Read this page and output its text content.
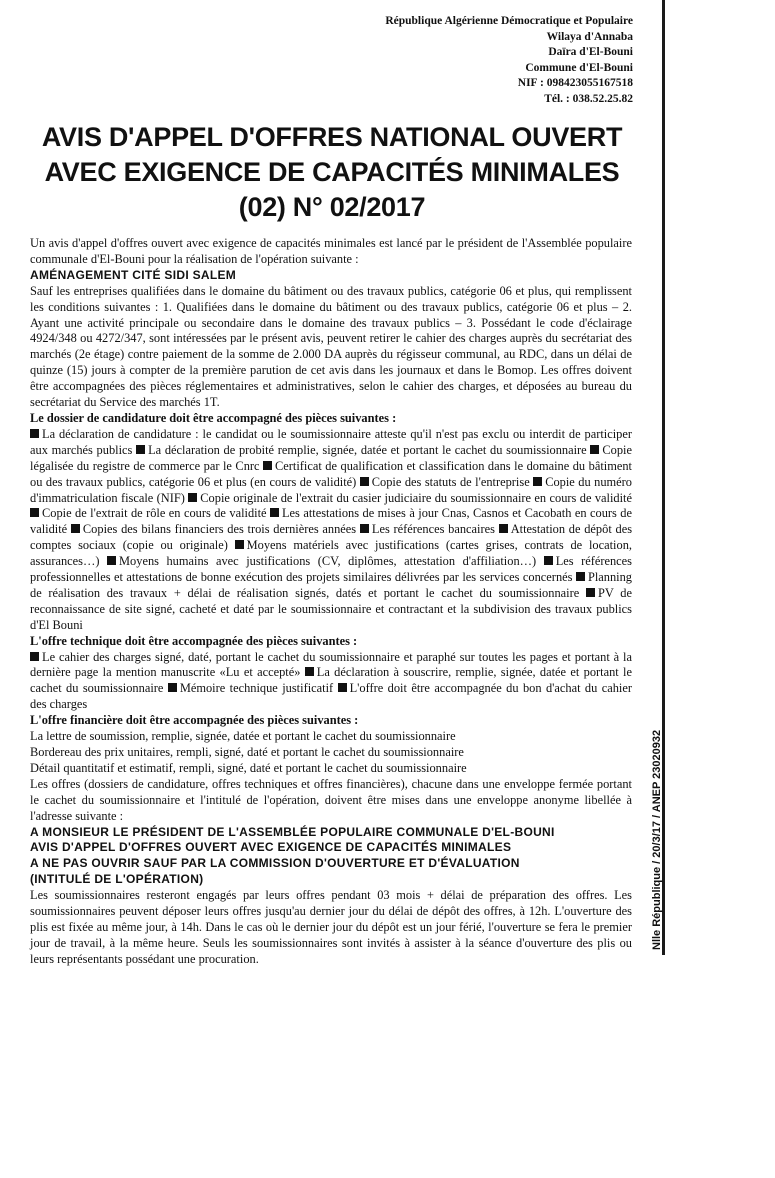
République Algérienne Démocratique et Populaire
Wilaya d'Annaba
Daïra d'El-Bouni
Commune d'El-Bouni
NIF : 098423055167518
Tél. : 038.52.25.82
AVIS D'APPEL D'OFFRES NATIONAL OUVERT
AVEC EXIGENCE DE CAPACITÉS MINIMALES
(02) N° 02/2017

Un avis d'appel d'offres ouvert avec exigence de capacités minimales est lancé par le président de l'Assemblée populaire communale d'El-Bouni pour la réalisation de l'opération suivante :

AMÉNAGEMENT CITÉ SIDI SALEM

Sauf les entreprises qualifiées dans le domaine du bâtiment ou des travaux publics, catégorie 06 et plus, qui remplissent les conditions suivantes : 1. Qualifiées dans le domaine du bâtiment ou des travaux publics, catégorie 06 et plus – 2. Ayant une activité principale ou secondaire dans le domaine des travaux publics – 3. Possédant le code d'éclairage 4924/348 ou 4272/347, sont intéressées par le présent avis, peuvent retirer le cahier des charges auprès du secrétariat des marchés (2e étage) contre paiement de la somme de 2.000 DA auprès du régisseur communal, au RDC, dans un délai de quinze (15) jours à compter de la première parution de cet avis dans les journaux et dans le Bomop. Les offres doivent être accompagnées des pièces réglementaires et administratives, selon le cahier des charges, et déposées au bureau du secrétariat du Service des marchés 1T.

Le dossier de candidature doit être accompagné des pièces suivantes :

La déclaration de candidature : le candidat ou le soumissionnaire atteste qu'il n'est pas exclu ou interdit de participer aux marchés publics La déclaration de probité remplie, signée, datée et portant le cachet du soumissionnaire Copie légalisée du registre de commerce par le Cnrc Certificat de qualification et classification dans le domaine du bâtiment ou des travaux publics, catégorie 06 et plus (en cours de validité) Copie des statuts de l'entreprise Copie du numéro d'immatriculation fiscale (NIF) Copie originale de l'extrait du casier judiciaire du soumissionnaire en cours de validité Copie de l'extrait de rôle en cours de validité Les attestations de mises à jour Cnas, Casnos et Cacobath en cours de validité Copies des bilans financiers des trois dernières années Les références bancaires Attestation de dépôt des comptes sociaux (copie ou originale) Moyens matériels avec justifications (cartes grises, contrats de location, assurances…) Moyens humains avec justifications (CV, diplômes, attestation d'affiliation…) Les références professionnelles et attestations de bonne exécution des projets similaires délivrées par les services concernés Planning de réalisation des travaux + délai de réalisation signés, datés et portant le cachet du soumissionnaire PV de reconnaissance de site signé, cacheté et daté par le soumissionnaire et contractant et la subdivision des travaux publics d'El Bouni

L'offre technique doit être accompagnée des pièces suivantes :

Le cahier des charges signé, daté, portant le cachet du soumissionnaire et paraphé sur toutes les pages et portant à la dernière page la mention manuscrite «Lu et accepté» La déclaration à souscrire, remplie, signée, datée et portant le cachet du soumissionnaire Mémoire technique justificatif L'offre doit être accompagnée du bon d'achat du cahier des charges

L'offre financière doit être accompagnée des pièces suivantes :

La lettre de soumission, remplie, signée, datée et portant le cachet du soumissionnaire

Bordereau des prix unitaires, rempli, signé, daté et portant le cachet du soumissionnaire

Détail quantitatif et estimatif, rempli, signé, daté et portant le cachet du soumissionnaire

Les offres (dossiers de candidature, offres techniques et offres financières), chacune dans une enveloppe fermée portant le cachet du soumissionnaire et l'intitulé de l'opération, doivent être mises dans une enveloppe anonyme libellée à l'adresse suivante :

A MONSIEUR LE PRÉSIDENT DE L'ASSEMBLÉE POPULAIRE COMMUNALE D'EL-BOUNI
AVIS D'APPEL D'OFFRES OUVERT AVEC EXIGENCE DE CAPACITÉS MINIMALES
A NE PAS OUVRIR SAUF PAR LA COMMISSION D'OUVERTURE ET D'ÉVALUATION
(INTITULÉ DE L'OPÉRATION)

Les soumissionnaires resteront engagés par leurs offres pendant 03 mois + délai de préparation des offres. Les soumissionnaires peuvent déposer leurs offres jusqu'au dernier jour du délai de dépôt des offres, à 12h. L'ouverture des plis est fixée au même jour, à 14h. Dans le cas où le dernier jour du dépôt est un jour férié, l'ouverture se fera le premier jour de travail, à la même heure. Seuls les soumissionnaires sont invités à assister à la séance d'ouverture des plis ou leurs représentants possédant une procuration.

Nlle République / 20/3/17 / ANEP 23020932
